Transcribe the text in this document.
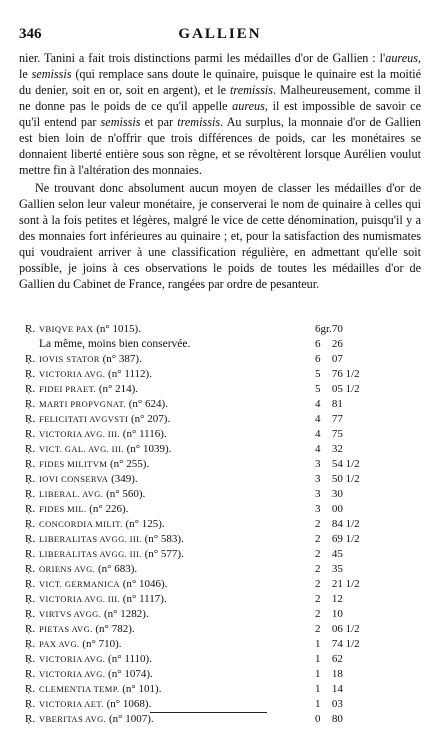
346	GALLIEN

nier. Tanini a fait trois distinctions parmi les médailles d'or de Gallien : l'aureus, le semissis (qui remplace sans doute le quinaire, puisque le quinaire est la moitié du denier, soit en or, soit en argent), et le tremissis. Malheureusement, comme il ne donne pas le poids de ce qu'il appelle aureus, il est impossible de savoir ce qu'il entend par semissis et par tremissis. Au surplus, la monnaie d'or de Gallien est bien loin de n'offrir que trois différences de poids, car les monétaires se donnaient liberté entière sous son règne, et se révoltèrent lorsque Aurélien voulut mettre fin à l'altération des monnaies.

Ne trouvant donc absolument aucun moyen de classer les médailles d'or de Gallien selon leur valeur monétaire, je conserverai le nom de quinaire à celles qui sont à la fois petites et légères, malgré le vice de cette dénomination, puisqu'il y a des monnaies fort inférieures au quinaire ; et, pour la satisfaction des numismates qui voudraient arriver à une classification régulière, en admettant qu'elle soit possible, je joins à ces observations le poids de toutes les médailles d'or de Gallien du Cabinet de France, rangées par ordre de pesanteur.

Ŗ.	VBIQVE PAX (n° 1015).	6gr.	70
	La même, moins bien conservée.	6	26
Ŗ.	IOVIS STATOR (n° 387).	6	07
Ŗ.	VICTORIA AVG. (n° 1112).	5	76 1/2
Ŗ.	FIDEI PRAET. (n° 214).	5	05 1/2
Ŗ.	MARTI PROPVGNAT. (n° 624).	4	81
Ŗ.	FELICITATI AVGVSTI (n° 207).	4	77
Ŗ.	VICTORIA AVG. III. (n° 1116).	4	75
Ŗ.	VICT. GAL. AVG. III. (n° 1039).	4	32
Ŗ.	FIDES MILITVM (n° 255).	3	54 1/2
Ŗ.	IOVI CONSERVA (349).	3	50 1/2
Ŗ.	LIBERAL. AVG. (n° 560).	3	30
Ŗ.	FIDES MIL. (n° 226).	3	00
Ŗ.	CONCORDIA MILIT. (n° 125).	2	84 1/2
Ŗ.	LIBERALITAS AVGG. III. (n° 583).	2	69 1/2
Ŗ.	LIBERALITAS AVGG. III. (n° 577).	2	45
Ŗ.	ORIENS AVG. (n° 683).	2	35
Ŗ.	VICT. GERMANICA (n° 1046).	2	21 1/2
Ŗ.	VICTORIA AVG. III. (n° 1117).	2	12
Ŗ.	VIRTVS AVGG. (n° 1282).	2	10
Ŗ.	PIETAS AVG. (n° 782).	2	06 1/2
Ŗ.	PAX AVG. (n° 710).	1	74 1/2
Ŗ.	VICTORIA AVG. (n° 1110).	1	62
Ŗ.	VICTORIA AVG. (n° 1074).	1	18
Ŗ.	CLEMENTIA TEMP. (n° 101).	1	14
Ŗ.	VICTORIA AET. (n° 1068).	1	03
Ŗ.	VBERITAS AVG. (n° 1007).	0	80
